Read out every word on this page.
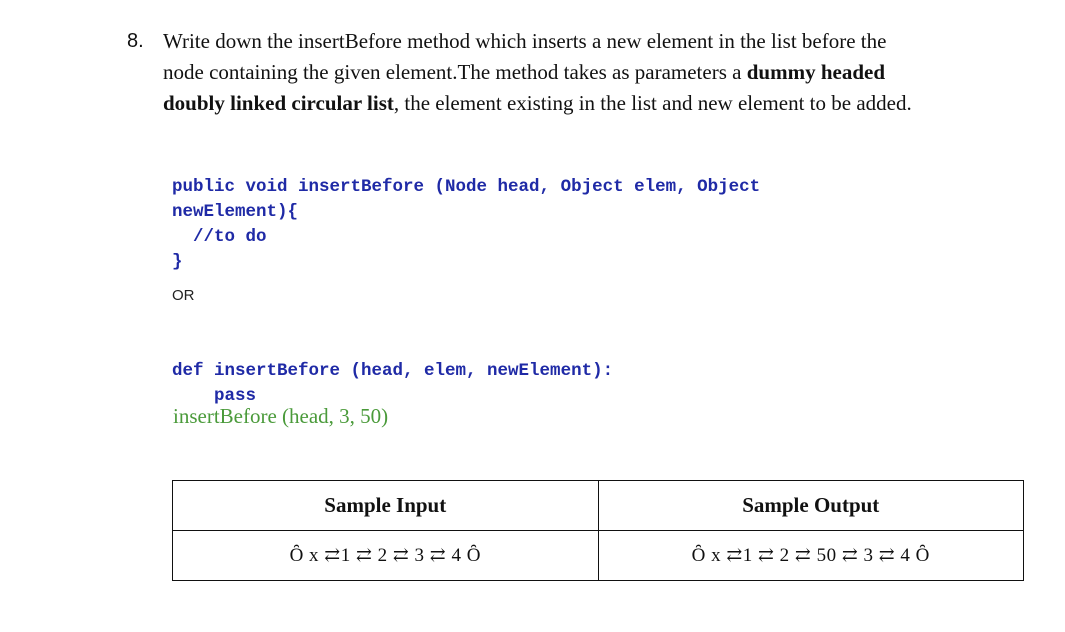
8. Write down the insertBefore method which inserts a new element in the list before the
node containing the given element.The method takes as parameters a dummy headed
doubly linked circular list, the element existing in the list and new element to be added.

public void insertBefore (Node head, Object elem, Object
newElement){
//to do
}
OR

def insertBefore (head, elem, newElement):
pass
insertBefore (head, 3, 50)
Sample Input	Sample Output
Ȏ x ⇄1 ⇄ 2 ⇄ 3 ⇄ 4 Ȏ	Ȏ x ⇄1 ⇄ 2 ⇄ 50 ⇄ 3 ⇄ 4 Ȏ
